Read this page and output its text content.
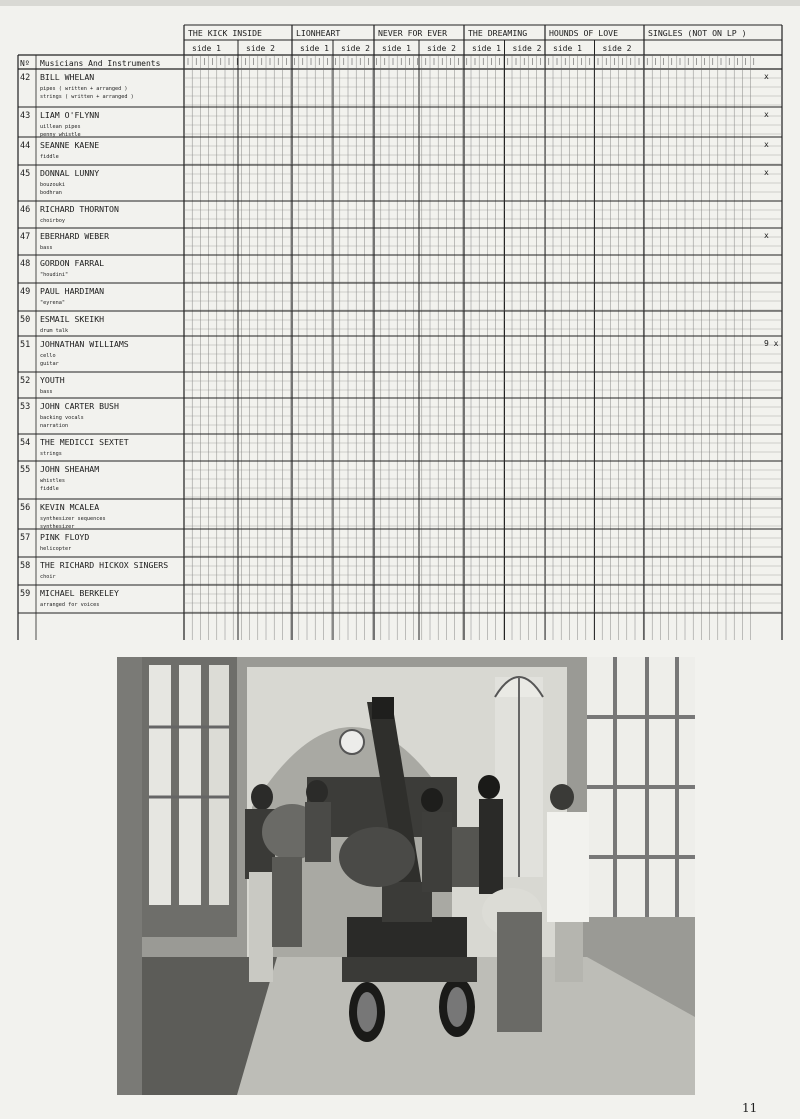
THE KICK INSIDE
side 1	side 2
LIONHEART
side 1 side 2
NEVER FOR EVER
side 1 side 2
THE DREAMING
side 1 side 2
HOUNDS OF LOVE
side 1	side 2
SINGLES (NOT ON LP )
Nº Musicians And Instruments
42 BILL WHELAN
pipes ( written + arranged )
strings ( written + arranged )
43 LIAM O'FLYNN
uillean pipes
penny whistle
44 SEANNE KAENE
fiddle
45 DONNAL LUNNY
bouzouki
bodhran
46 RICHARD THORNTON
choirboy
47 EBERHARD WEBER
bass
48 GORDON FARRAL
"houdini"
49 PAUL HARDIMAN
"eyrena"
50 ESMAIL SKEIKH
drum talk
51 JOHNATHAN WILLIAMS
cello
guitar
52 YOUTH
bass
53 JOHN CARTER BUSH
backing vocals
narration
54 THE MEDICCI SEXTET
strings
55 JOHN SHEAHAM
whistles
fiddle
56 KEVIN MCALEA
synthesizer sequences
synthesizer
57 PINK FLOYD
helicopter
58 THE RICHARD HICKOX SINGERS
choir
59 MICHAEL BERKELEY
arranged for voices
x
x
x
x
x
9 x
11
